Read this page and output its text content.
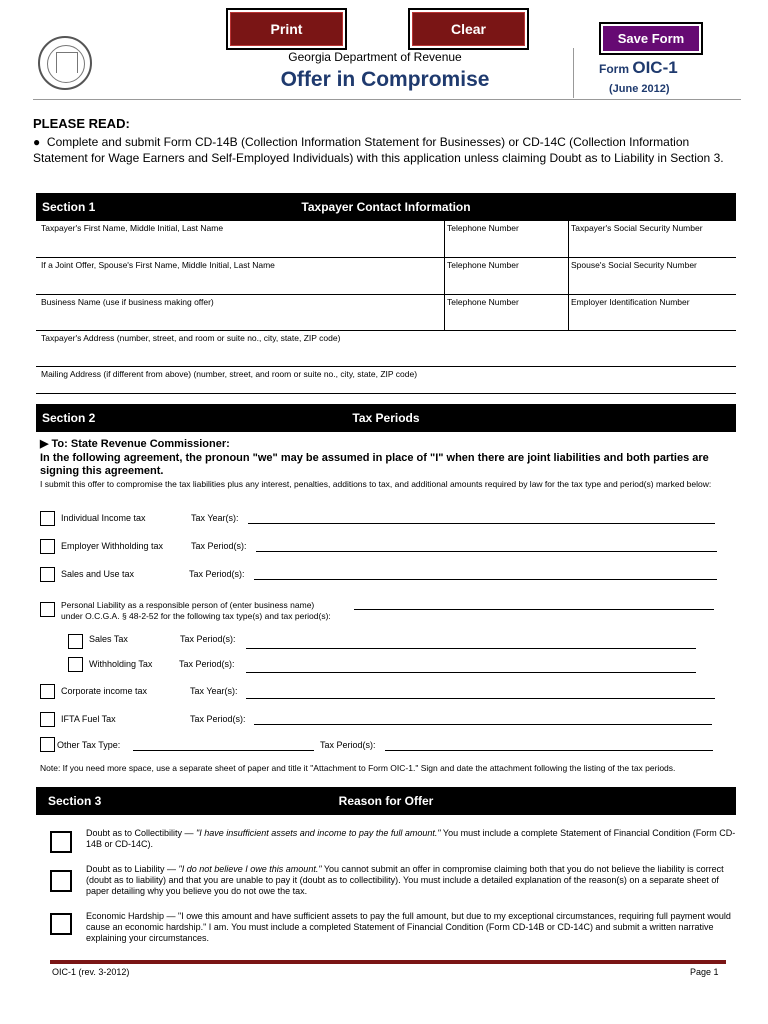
Print	Clear
Save Form
Georgia Department of Revenue
Offer in Compromise	Form OIC-1
(June 2012)
PLEASE READ:
● Complete and submit Form CD-14B (Collection Information Statement for Businesses) or CD-14C (Collection Information Statement for Wage Earners and Self-Employed Individuals) with this application unless claiming Doubt as to Liability in Section 3.
Section 1	Taxpayer Contact Information
Taxpayer's First Name, Middle Initial, Last Name	Telephone Number	Taxpayer's Social Security Number
If a Joint Offer, Spouse's First Name, Middle Initial, Last Name	Telephone Number	Spouse's Social Security Number
Business Name (use if business making offer)	Telephone Number	Employer Identification Number
Taxpayer's Address (number, street, and room or suite no., city, state, ZIP code)
Mailing Address (if different from above) (number, street, and room or suite no., city, state, ZIP code)
Section 2	Tax Periods
▶ To: State Revenue Commissioner:
In the following agreement, the pronoun "we" may be assumed in place of "I" when there are joint liabilities and both parties are signing this agreement.
I submit this offer to compromise the tax liabilities plus any interest, penalties, additions to tax, and additional amounts required by law for the tax type and period(s) marked below:
Individual Income tax	Tax Year(s):
Employer Withholding tax	Tax Period(s):
Sales and Use tax	Tax Period(s):
Personal Liability as a responsible person of (enter business name)
under O.C.G.A. § 48-2-52 for the following tax type(s) and tax period(s):
Sales Tax	Tax Period(s):
Withholding Tax	Tax Period(s):
Corporate income tax	Tax Year(s):
IFTA Fuel Tax	Tax Period(s):
Other Tax Type:	Tax Period(s):
Note: If you need more space, use a separate sheet of paper and title it "Attachment to Form OIC-1." Sign and date the attachment following the listing of the tax periods.
Section 3	Reason for Offer
Doubt as to Collectibility — "I have insufficient assets and income to pay the full amount." You must include a complete Statement of Financial Condition (Form CD-14B or CD-14C).
Doubt as to Liability — "I do not believe I owe this amount." You cannot submit an offer in compromise claiming both that you do not believe the liability is correct (doubt as to liability) and that you are unable to pay it (doubt as to collectibility). You must include a detailed explanation of the reason(s) on a separate sheet of paper detailing why you believe you do not owe the tax.
Economic Hardship — "I owe this amount and have sufficient assets to pay the full amount, but due to my exceptional circumstances, requiring full payment would cause an economic hardship." I am. You must include a completed Statement of Financial Condition (Form CD-14B or CD-14C) and submit a written narrative explaining your circumstances.
OIC-1 (rev. 3-2012)	Page 1
